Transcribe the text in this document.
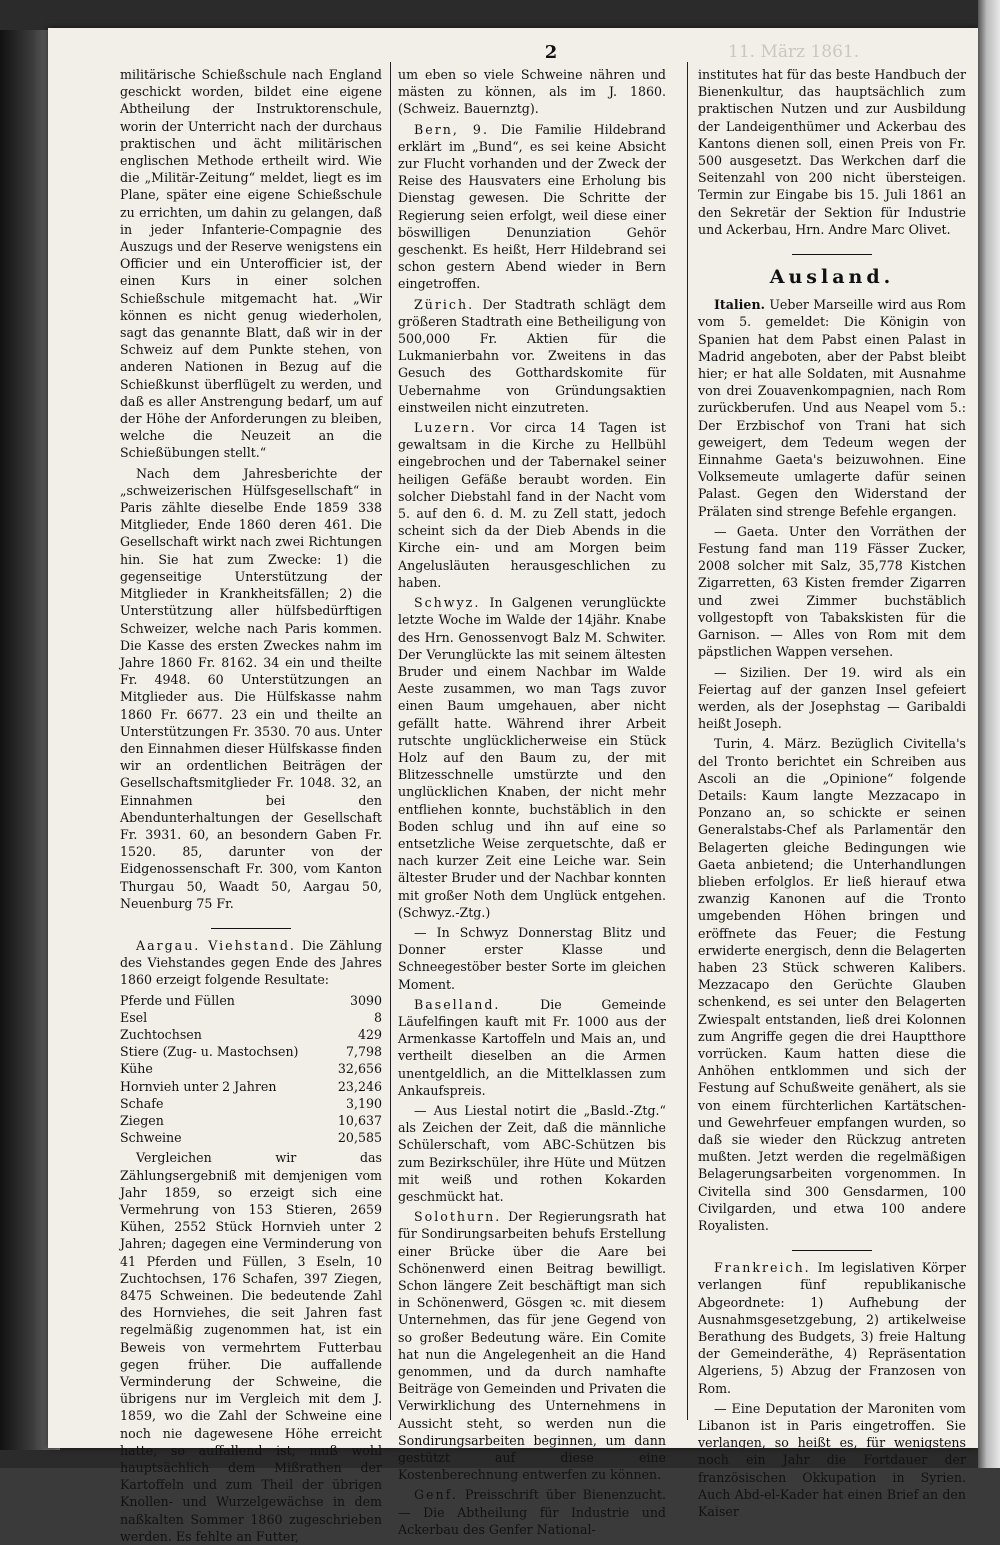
11. März 1861.
2

militärische Schießschule nach England geschickt worden, bildet eine eigene Abtheilung der Instruktorenschule, worin der Unterricht nach der durchaus praktischen und ächt militärischen englischen Methode ertheilt wird. Wie die „Militär-Zeitung“ meldet, liegt es im Plane, später eine eigene Schießschule zu errichten, um dahin zu gelangen, daß in jeder Infanterie-Compagnie des Auszugs und der Reserve wenigstens ein Officier und ein Unterofficier ist, der einen Kurs in einer solchen Schießschule mitgemacht hat. „Wir können es nicht genug wiederholen, sagt das genannte Blatt, daß wir in der Schweiz auf dem Punkte stehen, von anderen Nationen in Bezug auf die Schießkunst überflügelt zu werden, und daß es aller Anstrengung bedarf, um auf der Höhe der Anforderungen zu bleiben, welche die Neuzeit an die Schießübungen stellt.“

Nach dem Jahresberichte der „schweizerischen Hülfsgesellschaft“ in Paris zählte dieselbe Ende 1859 338 Mitglieder, Ende 1860 deren 461. Die Gesellschaft wirkt nach zwei Richtungen hin. Sie hat zum Zwecke: 1) die gegenseitige Unterstützung der Mitglieder in Krankheitsfällen; 2) die Unterstützung aller hülfsbedürftigen Schweizer, welche nach Paris kommen. Die Kasse des ersten Zweckes nahm im Jahre 1860 Fr. 8162. 34 ein und theilte Fr. 4948. 60 Unterstützungen an Mitglieder aus. Die Hülfskasse nahm 1860 Fr. 6677. 23 ein und theilte an Unterstützungen Fr. 3530. 70 aus. Unter den Einnahmen dieser Hülfskasse finden wir an ordentlichen Beiträgen der Gesellschaftsmitglieder Fr. 1048. 32, an Einnahmen bei den Abendunterhaltungen der Gesellschaft Fr. 3931. 60, an besondern Gaben Fr. 1520. 85, darunter von der Eidgenossenschaft Fr. 300, vom Kanton Thurgau 50, Waadt 50, Aargau 50, Neuenburg 75 Fr.

Aargau. Viehstand. Die Zählung des Viehstandes gegen Ende des Jahres 1860 erzeigt folgende Resultate:

Pferde und Füllen	3090
Esel	8
Zuchtochsen	429
Stiere (Zug- u. Mastochsen)	7,798
Kühe	32,656
Hornvieh unter 2 Jahren	23,246
Schafe	3,190
Ziegen	10,637
Schweine	20,585

Vergleichen wir das Zählungsergebniß mit demjenigen vom Jahr 1859, so erzeigt sich eine Vermehrung von 153 Stieren, 2659 Kühen, 2552 Stück Hornvieh unter 2 Jahren; dagegen eine Verminderung von 41 Pferden und Füllen, 3 Eseln, 10 Zuchtochsen, 176 Schafen, 397 Ziegen, 8475 Schweinen. Die bedeutende Zahl des Hornviehes, die seit Jahren fast regelmäßig zugenommen hat, ist ein Beweis von vermehrtem Futterbau gegen früher. Die auffallende Verminderung der Schweine, die übrigens nur im Vergleich mit dem J. 1859, wo die Zahl der Schweine eine noch nie dagewesene Höhe erreicht hatte, so auffallend ist, muß wohl hauptsächlich dem Mißrathen der Kartoffeln und zum Theil der übrigen Knollen- und Wurzelgewächse in dem naßkalten Sommer 1860 zugeschrieben werden. Es fehlte an Futter,

um eben so viele Schweine nähren und mästen zu können, als im J. 1860. (Schweiz. Bauernztg).

Bern, 9. Die Familie Hildebrand erklärt im „Bund“, es sei keine Absicht zur Flucht vorhanden und der Zweck der Reise des Hausvaters eine Erholung bis Dienstag gewesen. Die Schritte der Regierung seien erfolgt, weil diese einer böswilligen Denunziation Gehör geschenkt. Es heißt, Herr Hildebrand sei schon gestern Abend wieder in Bern eingetroffen.

Zürich. Der Stadtrath schlägt dem größeren Stadtrath eine Betheiligung von 500,000 Fr. Aktien für die Lukmanierbahn vor. Zweitens in das Gesuch des Gotthardskomite für Uebernahme von Gründungsaktien einstweilen nicht einzutreten.

Luzern. Vor circa 14 Tagen ist gewaltsam in die Kirche zu Hellbühl eingebrochen und der Tabernakel seiner heiligen Gefäße beraubt worden. Ein solcher Diebstahl fand in der Nacht vom 5. auf den 6. d. M. zu Zell statt, jedoch scheint sich da der Dieb Abends in die Kirche ein- und am Morgen beim Angelusläuten herausgeschlichen zu haben.

Schwyz. In Galgenen verunglückte letzte Woche im Walde der 14jähr. Knabe des Hrn. Genossenvogt Balz M. Schwiter. Der Verunglückte las mit seinem ältesten Bruder und einem Nachbar im Walde Aeste zusammen, wo man Tags zuvor einen Baum umgehauen, aber nicht gefällt hatte. Während ihrer Arbeit rutschte unglücklicherweise ein Stück Holz auf den Baum zu, der mit Blitzesschnelle umstürzte und den unglücklichen Knaben, der nicht mehr entfliehen konnte, buchstäblich in den Boden schlug und ihn auf eine so entsetzliche Weise zerquetschte, daß er nach kurzer Zeit eine Leiche war. Sein ältester Bruder und der Nachbar konnten mit großer Noth dem Unglück entgehen. (Schwyz.-Ztg.)

— In Schwyz Donnerstag Blitz und Donner erster Klasse und Schneegestöber bester Sorte im gleichen Moment.

Baselland.	Die Gemeinde Läufelfingen kauft mit Fr. 1000 aus der Armenkasse Kartoffeln und Mais an, und vertheilt dieselben an die Armen unentgeldlich, an die Mittelklassen zum Ankaufspreis.

— Aus Liestal notirt die „Basld.-Ztg.“ als Zeichen der Zeit, daß die männliche Schülerschaft, vom ABC-Schützen bis zum Bezirkschüler, ihre Hüte und Mützen mit weiß und rothen Kokarden geschmückt hat.

Solothurn. Der Regierungsrath hat für Sondirungsarbeiten behufs Erstellung einer Brücke über die Aare bei Schönenwerd einen Beitrag bewilligt. Schon längere Zeit beschäftigt man sich in Schönenwerd, Gösgen ꝛc. mit diesem Unternehmen, das für jene Gegend von so großer Bedeutung wäre. Ein Comite hat nun die Angelegenheit an die Hand genommen, und da durch namhafte Beiträge von Gemeinden und Privaten die Verwirklichung des Unternehmens in Aussicht steht, so werden nun die Sondirungsarbeiten beginnen, um dann gestützt auf diese eine Kostenberechnung entwerfen zu können.

Genf. Preisschrift über Bienenzucht. — Die Abtheilung für Industrie und Ackerbau des Genfer National-

institutes hat für das beste Handbuch der Bienenkultur, das hauptsächlich zum praktischen Nutzen und zur Ausbildung der Landeigenthümer und Ackerbau des Kantons dienen soll, einen Preis von Fr. 500 ausgesetzt. Das Werkchen darf die Seitenzahl von 200 nicht übersteigen. Termin zur Eingabe bis 15. Juli 1861 an den Sekretär der Sektion für Industrie und Ackerbau, Hrn. Andre Marc Olivet.

Ausland.

Italien. Ueber Marseille wird aus Rom vom 5. gemeldet: Die Königin von Spanien hat dem Pabst einen Palast in Madrid angeboten, aber der Pabst bleibt hier; er hat alle Soldaten, mit Ausnahme von drei Zouavenkompagnien, nach Rom zurückberufen. Und aus Neapel vom 5.: Der Erzbischof von Trani hat sich geweigert, dem Tedeum wegen der Einnahme Gaeta's beizuwohnen. Eine Volksemeute umlagerte dafür seinen Palast. Gegen den Widerstand der Prälaten sind strenge Befehle ergangen.

— Gaeta. Unter den Vorräthen der Festung fand man 119 Fässer Zucker, 2008 solcher mit Salz, 35,778 Kistchen Zigarretten, 63 Kisten fremder Zigarren und zwei Zimmer buchstäblich vollgestopft von Tabakskisten für die Garnison. — Alles von Rom mit dem päpstlichen Wappen versehen.

— Sizilien. Der 19. wird als ein Feiertag auf der ganzen Insel gefeiert werden, als der Josephstag — Garibaldi heißt Joseph.

Turin, 4. März. Bezüglich Civitella's del Tronto berichtet ein Schreiben aus Ascoli an die „Opinione“ folgende Details: Kaum langte Mezzacapo in Ponzano an, so schickte er seinen Generalstabs-Chef als Parlamentär den Belagerten gleiche Bedingungen wie Gaeta anbietend; die Unterhandlungen blieben erfolglos. Er ließ hierauf etwa zwanzig Kanonen auf die Tronto umgebenden Höhen bringen und eröffnete das Feuer; die Festung erwiderte energisch, denn die Belagerten haben 23 Stück schweren Kalibers. Mezzacapo den Gerüchte Glauben schenkend, es sei unter den Belagerten Zwiespalt entstanden, ließ drei Kolonnen zum Angriffe gegen die drei Hauptthore vorrücken. Kaum hatten diese die Anhöhen entklommen und sich der Festung auf Schußweite genähert, als sie von einem fürchterlichen Kartätschen- und Gewehrfeuer empfangen wurden, so daß sie wieder den Rückzug antreten mußten. Jetzt werden die regelmäßigen Belagerungsarbeiten vorgenommen. In Civitella sind 300 Gensdarmen, 100 Civilgarden, und etwa 100 andere Royalisten.

Frankreich. Im legislativen Körper verlangen fünf republikanische Abgeordnete: 1) Aufhebung der Ausnahmsgesetzgebung, 2) artikelweise Berathung des Budgets, 3) freie Haltung der Gemeinderäthe, 4) Repräsentation Algeriens, 5) Abzug der Franzosen von Rom.

— Eine Deputation der Maroniten vom Libanon ist in Paris eingetroffen. Sie verlangen, so heißt es, für wenigstens noch ein Jahr die Fortdauer der französischen Okkupation in Syrien. Auch Abd-el-Kader hat einen Brief an den Kaiser
